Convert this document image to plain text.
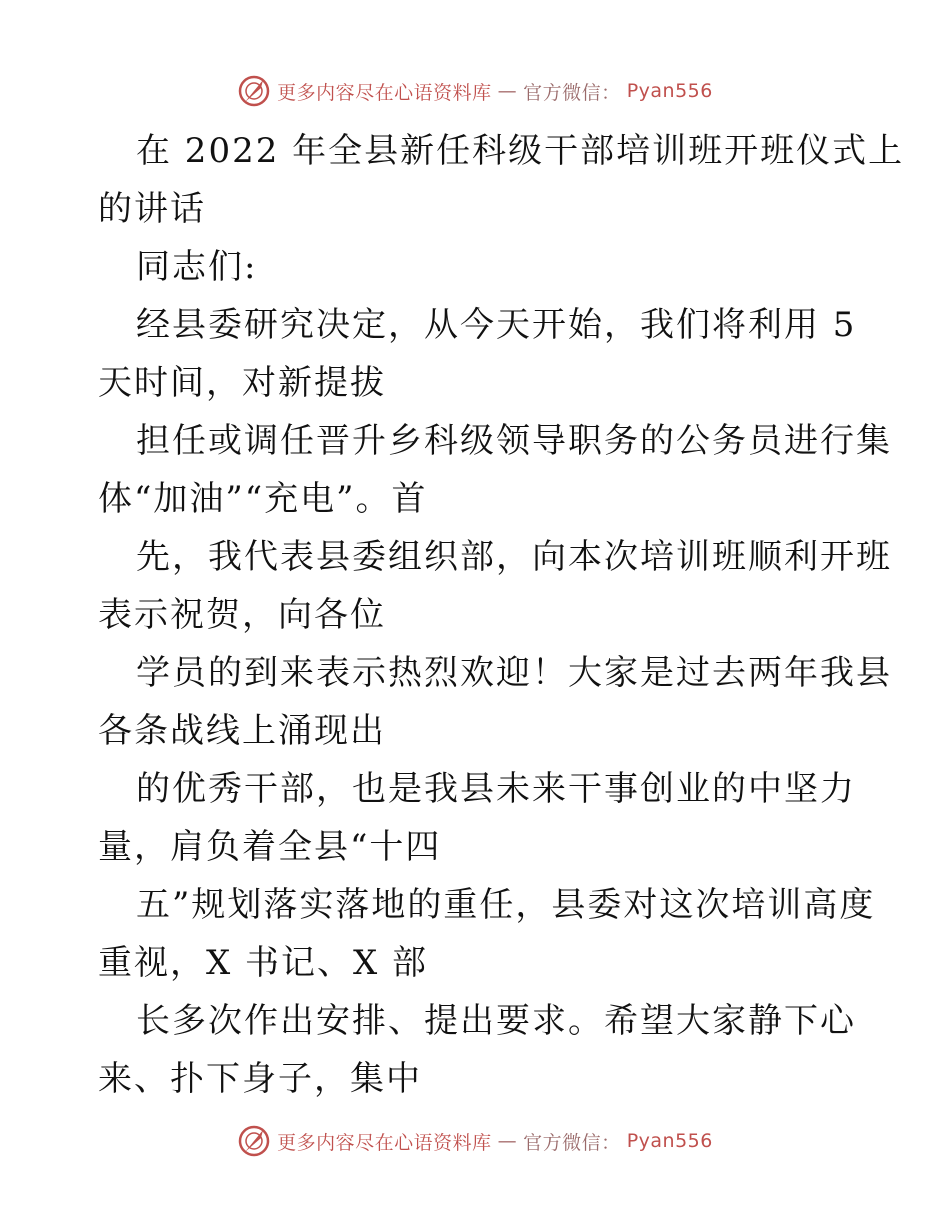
更多内容尽在心语资料库 — 官方微信： Pyan556

在 2022 年全县新任科级干部培训班开班仪式上
的讲话

同志们:

经县委研究决定，从今天开始，我们将利用 5
天时间，对新提拔

担任或调任晋升乡科级领导职务的公务员进行集
体“加油”“充电”。首

先，我代表县委组织部，向本次培训班顺利开班
表示祝贺，向各位

学员的到来表示热烈欢迎！大家是过去两年我县
各条战线上涌现出

的优秀干部，也是我县未来干事创业的中坚力
量，肩负着全县“十四

五”规划落实落地的重任，县委对这次培训高度
重视，X 书记、X 部

长多次作出安排、提出要求。希望大家静下心
来、扑下身子，集中

更多内容尽在心语资料库 — 官方微信： Pyan556
